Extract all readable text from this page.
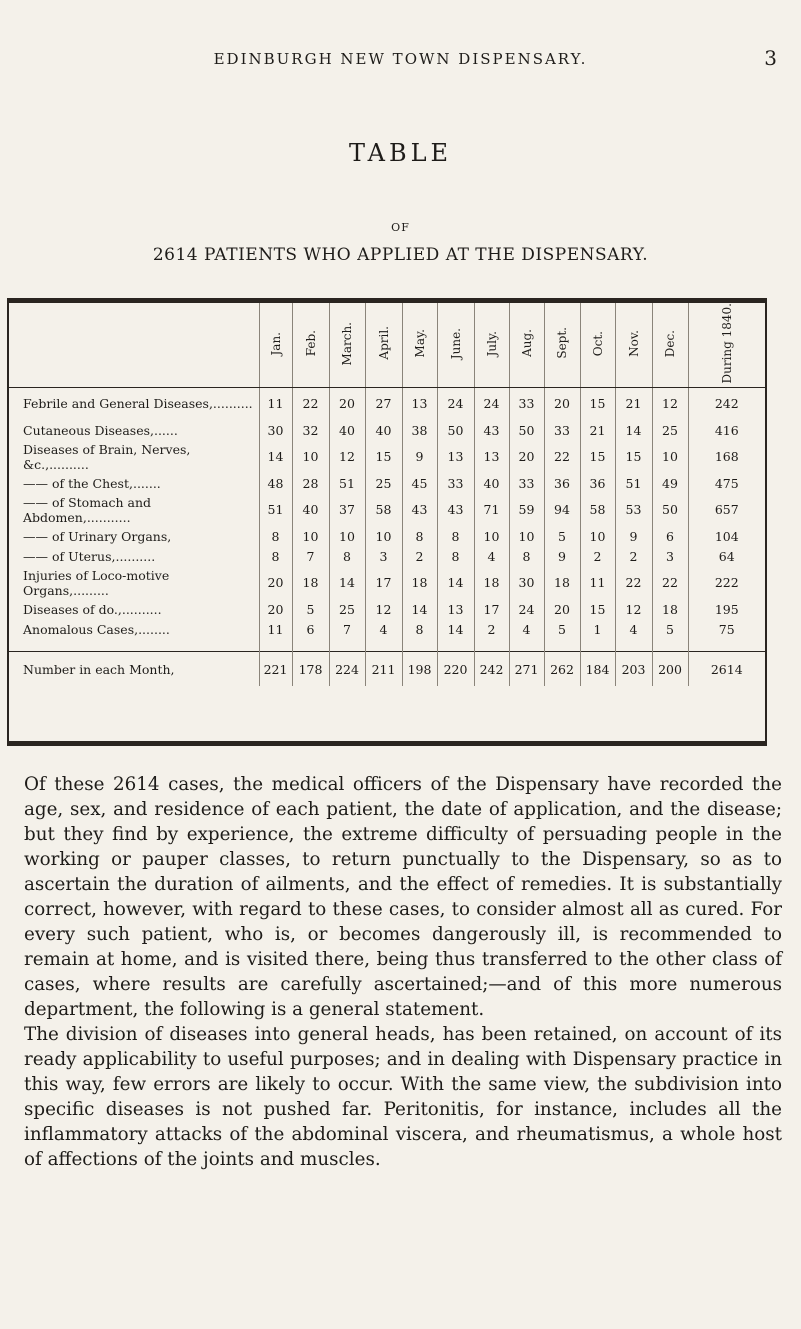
EDINBURGH NEW TOWN DISPENSARY.	3
TABLE
OF
2614 PATIENTS WHO APPLIED AT THE DISPENSARY.
	Jan.	Feb.	March.	April.	May.	June.	July.	Aug.	Sept.	Oct.	Nov.	Dec.	During 1840.
Febrile and General Diseases,..........	11	22	20	27	13	24	24	33	20	15	21	12	242
Cutaneous Diseases,......	30	32	40	40	38	50	43	50	33	21	14	25	416
Diseases of Brain, Nerves, &c.,..........	14	10	12	15	9	13	13	20	22	15	15	10	168
—— of the Chest,.......	48	28	51	25	45	33	40	33	36	36	51	49	475
—— of Stomach and Abdomen,...........	51	40	37	58	43	43	71	59	94	58	53	50	657
—— of Urinary Organs,	8	10	10	10	8	8	10	10	5	10	9	6	104
—— of Uterus,..........	8	7	8	3	2	8	4	8	9	2	2	3	64
Injuries of Loco-motive Organs,.........	20	18	14	17	18	14	18	30	18	11	22	22	222
Diseases of do.,..........	20	5	25	12	14	13	17	24	20	15	12	18	195
Anomalous Cases,........	11	6	7	4	8	14	2	4	5	1	4	5	75

Number in each Month,	221	178	224	211	198	220	242	271	262	184	203	200	2614

Of these 2614 cases, the medical officers of the Dispensary have recorded the age, sex, and residence of each patient, the date of application, and the disease; but they find by experience, the extreme difficulty of persuading people in the working or pauper classes, to return punctually to the Dispensary, so as to ascertain the duration of ailments, and the effect of remedies. It is substantially correct, however, with regard to these cases, to consider almost all as cured. For every such patient, who is, or becomes dangerously ill, is recommended to remain at home, and is visited there, being thus transferred to the other class of cases, where results are carefully ascertained;—and of this more numerous department, the following is a general statement.

The division of diseases into general heads, has been retained, on account of its ready applicability to useful purposes; and in dealing with Dispensary practice in this way, few errors are likely to occur. With the same view, the subdivision into specific diseases is not pushed far. Peritonitis, for instance, includes all the inflammatory attacks of the abdominal viscera, and rheumatismus, a whole host of affections of the joints and muscles.
